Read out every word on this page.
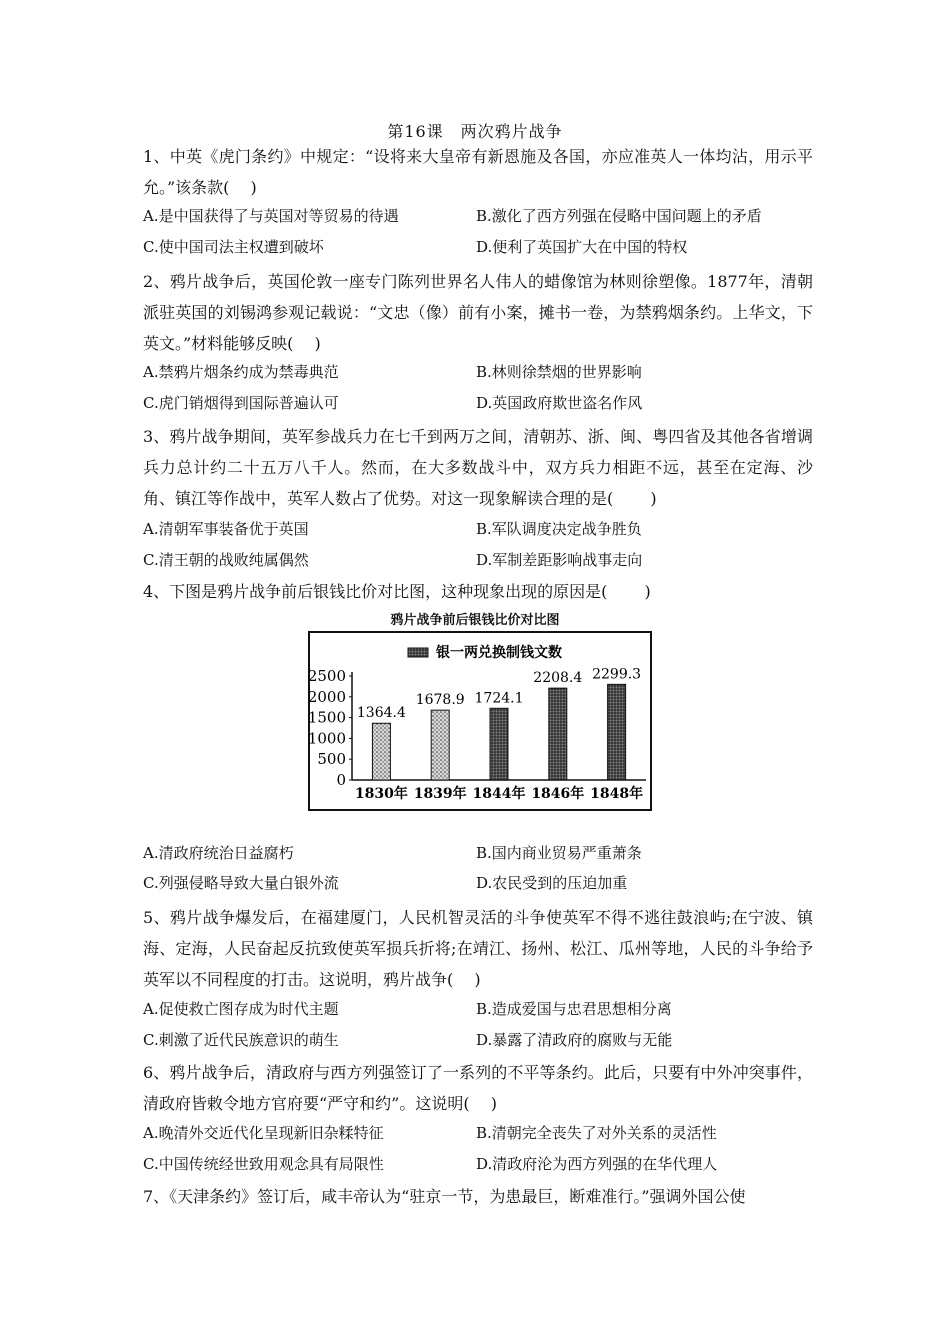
第16课　两次鸦片战争
1、中英《虎门条约》中规定：“设将来大皇帝有新恩施及各国，亦应准英人一体均沾，用示平允。”该条款(　 )
A.是中国获得了与英国对等贸易的待遇	B.激化了西方列强在侵略中国问题上的矛盾
C.使中国司法主权遭到破坏	D.便利了英国扩大在中国的特权
2、鸦片战争后，英国伦敦一座专门陈列世界名人伟人的蜡像馆为林则徐塑像。1877年，清朝派驻英国的刘锡鸿参观记载说：“文忠（像）前有小案，摊书一卷，为禁鸦烟条约。上华文，下英文。”材料能够反映(　 )
A.禁鸦片烟条约成为禁毒典范	B.林则徐禁烟的世界影响
C.虎门销烟得到国际普遍认可	D.英国政府欺世盗名作风
3、鸦片战争期间，英军参战兵力在七千到两万之间，清朝苏、浙、闽、粤四省及其他各省增调兵力总计约二十五万八千人。然而，在大多数战斗中，双方兵力相距不远，甚至在定海、沙角、镇江等作战中，英军人数占了优势。对这一现象解读合理的是(　 　)
A.清朝军事装备优于英国	B.军队调度决定战争胜负
C.清王朝的战败纯属偶然	D.军制差距影响战事走向
4、下图是鸦片战争前后银钱比价对比图，这种现象出现的原因是(　 　)
鸦片战争前后银钱比价对比图
银一两兑换制钱文数
2500
2000
1500
1000
500
0
1364.4
1830年
1678.9
1839年
1724.1
1844年
2208.4
1846年
2299.3
1848年
A.清政府统治日益腐朽	B.国内商业贸易严重萧条
C.列强侵略导致大量白银外流	D.农民受到的压迫加重
5、鸦片战争爆发后，在福建厦门，人民机智灵活的斗争使英军不得不逃往鼓浪屿;在宁波、镇海、定海，人民奋起反抗致使英军损兵折将;在靖江、扬州、松江、瓜州等地，人民的斗争给予英军以不同程度的打击。这说明，鸦片战争(　 )
A.促使救亡图存成为时代主题	B.造成爱国与忠君思想相分离
C.刺激了近代民族意识的萌生	D.暴露了清政府的腐败与无能
6、鸦片战争后，清政府与西方列强签订了一系列的不平等条约。此后，只要有中外冲突事件，清政府皆敕令地方官府要“严守和约”。这说明(　 )
A.晚清外交近代化呈现新旧杂糅特征	B.清朝完全丧失了对外关系的灵活性
C.中国传统经世致用观念具有局限性	D.清政府沦为西方列强的在华代理人
7、《天津条约》签订后，咸丰帝认为“驻京一节，为患最巨，断难准行。”强调外国公使
